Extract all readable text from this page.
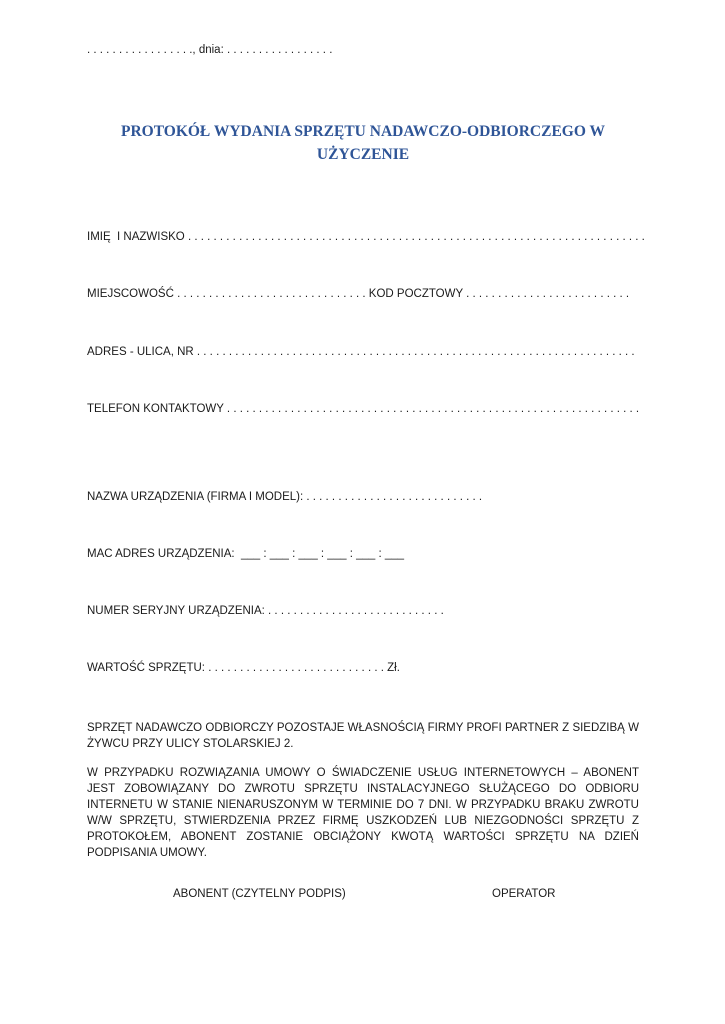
. . . . . . . . . . . . . . . . ., dnia: . . . . . . . . . . . . . . . . .
PROTOKÓŁ WYDANIA SPRZĘTU NADAWCZO-ODBIORCZEGO W UŻYCZENIE
IMIĘ  I NAZWISKO . . . . . . . . . . . . . . . . . . . . . . . . . . . . . . . . . . . . . . . . . . . . . . . . . . . . . . . . . . . . . . . . . . . . . . . .
MIEJSCOWOŚĆ . . . . . . . . . . . . . . . . . . . . . . . . . . . . . . KOD POCZTOWY . . . . . . . . . . . . . . . . . . . . . . . . . .
ADRES - ULICA, NR . . . . . . . . . . . . . . . . . . . . . . . . . . . . . . . . . . . . . . . . . . . . . . . . . . . . . . . . . . . . . . . . . . . . .
TELEFON KONTAKTOWY . . . . . . . . . . . . . . . . . . . . . . . . . . . . . . . . . . . . . . . . . . . . . . . . . . . . . . . . . . . . . . . . .
NAZWA URZĄDZENIA (FIRMA I MODEL): . . . . . . . . . . . . . . . . . . . . . . . . . . . .
MAC ADRES URZĄDZENIA:  ___ : ___ : ___ : ___ : ___ : ___
NUMER SERYJNY URZĄDZENIA: . . . . . . . . . . . . . . . . . . . . . . . . . . . .
WARTOŚĆ SPRZĘTU: . . . . . . . . . . . . . . . . . . . . . . . . . . . . Zł.
SPRZĘT NADAWCZO ODBIORCZY POZOSTAJE WŁASNOŚCIĄ FIRMY PROFI PARTNER Z SIEDZIBĄ W ŻYWCU PRZY ULICY STOLARSKIEJ 2.
W PRZYPADKU ROZWIĄZANIA UMOWY O ŚWIADCZENIE USŁUG INTERNETOWYCH – ABONENT JEST ZOBOWIĄZANY DO ZWROTU SPRZĘTU INSTALACYJNEGO SŁUŻĄCEGO DO ODBIORU INTERNETU W STANIE NIENARUSZONYM W TERMINIE DO 7 DNI. W PRZYPADKU BRAKU ZWROTU W/W SPRZĘTU, STWIERDZENIA PRZEZ FIRMĘ USZKODZEŃ LUB NIEZGODNOŚCI SPRZĘTU Z PROTOKOŁEM, ABONENT ZOSTANIE OBCIĄŻONY KWOTĄ WARTOŚCI SPRZĘTU NA DZIEŃ PODPISANIA UMOWY.
ABONENT (CZYTELNY PODPIS)	OPERATOR
